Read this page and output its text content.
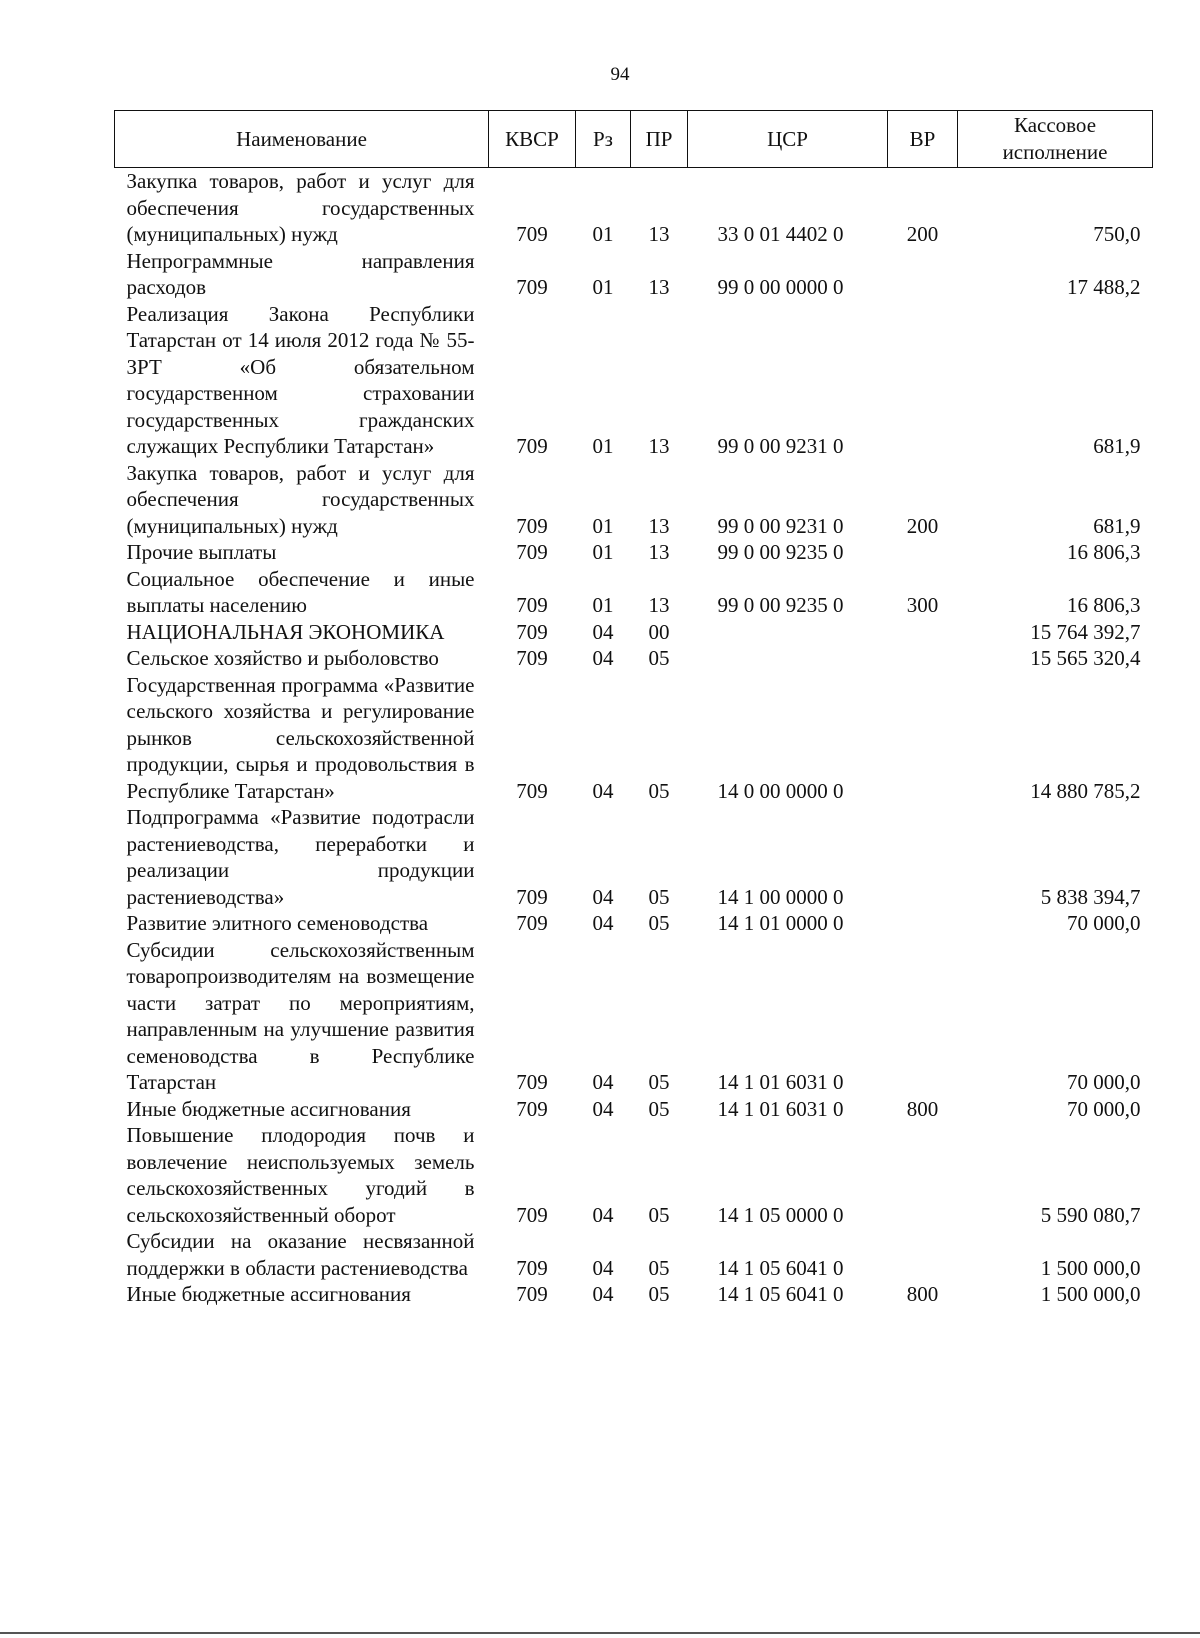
94
Наименование	КВСР	Рз	ПР	ЦСР	ВР	Кассовое исполнение
Закупка товаров, работ и услуг для обеспечения государственных (муниципальных) нужд	709	01	13	33 0 01 4402 0	200	750,0
Непрограммные направления расходов	709	01	13	99 0 00 0000 0		17 488,2
Реализация Закона Республики Татарстан от 14 июля 2012 года № 55-ЗРТ «Об обязательном государственном страховании государственных гражданских служащих Республики Татарстан»	709	01	13	99 0 00 9231 0		681,9
Закупка товаров, работ и услуг для обеспечения государственных (муниципальных) нужд	709	01	13	99 0 00 9231 0	200	681,9
Прочие выплаты	709	01	13	99 0 00 9235 0		16 806,3
Социальное обеспечение и иные выплаты населению	709	01	13	99 0 00 9235 0	300	16 806,3
НАЦИОНАЛЬНАЯ ЭКОНОМИКА	709	04	00			15 764 392,7
Сельское хозяйство и рыболовство	709	04	05			15 565 320,4
Государственная программа «Развитие сельского хозяйства и регулирование рынков сельскохозяйственной продукции, сырья и продовольствия в Республике Татарстан»	709	04	05	14 0 00 0000 0		14 880 785,2
Подпрограмма «Развитие подотрасли растениеводства, переработки и реализации продукции растениеводства»	709	04	05	14 1 00 0000 0		5 838 394,7
Развитие элитного семеноводства	709	04	05	14 1 01 0000 0		70 000,0
Субсидии сельскохозяйственным товаропроизводителям на возмещение части затрат по мероприятиям, направленным на улучшение развития семеноводства в Республике Татарстан	709	04	05	14 1 01 6031 0		70 000,0
Иные бюджетные ассигнования	709	04	05	14 1 01 6031 0	800	70 000,0
Повышение плодородия почв и вовлечение неиспользуемых земель сельскохозяйственных угодий в сельскохозяйственный оборот	709	04	05	14 1 05 0000 0		5 590 080,7
Субсидии на оказание несвязанной поддержки в области растениеводства	709	04	05	14 1 05 6041 0		1 500 000,0
Иные бюджетные ассигнования	709	04	05	14 1 05 6041 0	800	1 500 000,0
